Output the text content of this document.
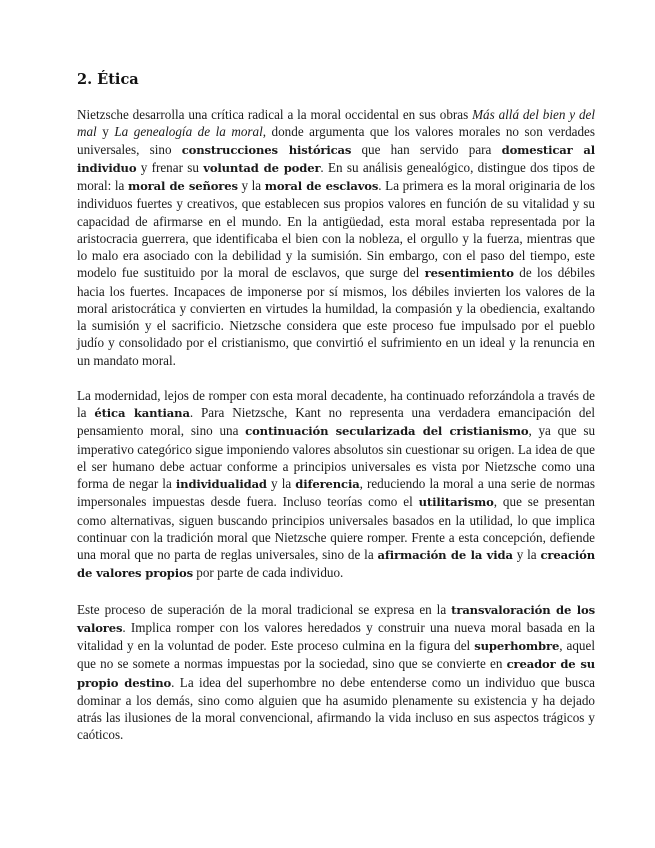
2. Ética

Nietzsche desarrolla una crítica radical a la moral occidental en sus obras Más allá del bien y del mal y La genealogía de la moral, donde argumenta que los valores morales no son verdades universales, sino construcciones históricas que han servido para domesticar al individuo y frenar su voluntad de poder. En su análisis genealógico, distingue dos tipos de moral: la moral de señores y la moral de esclavos. La primera es la moral originaria de los individuos fuertes y creativos, que establecen sus propios valores en función de su vitalidad y su capacidad de afirmarse en el mundo. En la antigüedad, esta moral estaba representada por la aristocracia guerrera, que identificaba el bien con la nobleza, el orgullo y la fuerza, mientras que lo malo era asociado con la debilidad y la sumisión. Sin embargo, con el paso del tiempo, este modelo fue sustituido por la moral de esclavos, que surge del resentimiento de los débiles hacia los fuertes. Incapaces de imponerse por sí mismos, los débiles invierten los valores de la moral aristocrática y convierten en virtudes la humildad, la compasión y la obediencia, exaltando la sumisión y el sacrificio. Nietzsche considera que este proceso fue impulsado por el pueblo judío y consolidado por el cristianismo, que convirtió el sufrimiento en un ideal y la renuncia en un mandato moral.

La modernidad, lejos de romper con esta moral decadente, ha continuado reforzándola a través de la ética kantiana. Para Nietzsche, Kant no representa una verdadera emancipación del pensamiento moral, sino una continuación secularizada del cristianismo, ya que su imperativo categórico sigue imponiendo valores absolutos sin cuestionar su origen. La idea de que el ser humano debe actuar conforme a principios universales es vista por Nietzsche como una forma de negar la individualidad y la diferencia, reduciendo la moral a una serie de normas impersonales impuestas desde fuera. Incluso teorías como el utilitarismo, que se presentan como alternativas, siguen buscando principios universales basados en la utilidad, lo que implica continuar con la tradición moral que Nietzsche quiere romper. Frente a esta concepción, defiende una moral que no parta de reglas universales, sino de la afirmación de la vida y la creación de valores propios por parte de cada individuo.

Este proceso de superación de la moral tradicional se expresa en la transvaloración de los valores. Implica romper con los valores heredados y construir una nueva moral basada en la vitalidad y en la voluntad de poder. Este proceso culmina en la figura del superhombre, aquel que no se somete a normas impuestas por la sociedad, sino que se convierte en creador de su propio destino. La idea del superhombre no debe entenderse como un individuo que busca dominar a los demás, sino como alguien que ha asumido plenamente su existencia y ha dejado atrás las ilusiones de la moral convencional, afirmando la vida incluso en sus aspectos trágicos y caóticos.
